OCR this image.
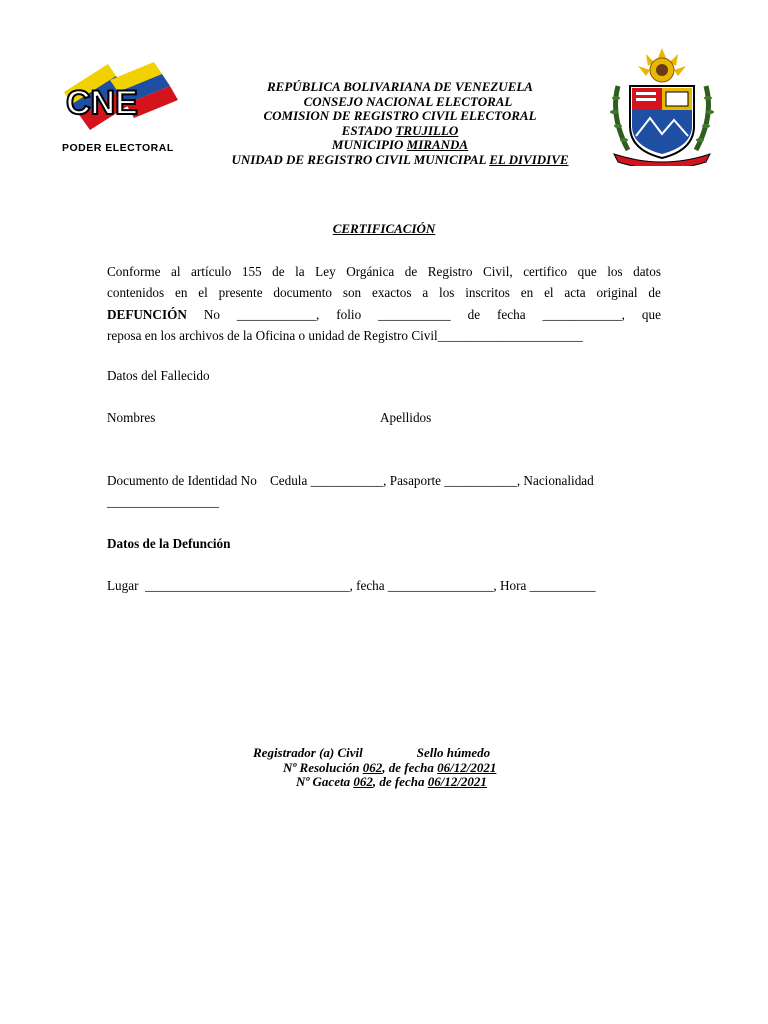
CNE
PODER ELECTORAL
REPÚBLICA BOLIVARIANA DE VENEZUELA
CONSEJO NACIONAL ELECTORAL
COMISION DE REGISTRO CIVIL ELECTORAL
ESTADO TRUJILLO
MUNICIPIO MIRANDA
UNIDAD DE REGISTRO CIVIL MUNICIPAL EL DIVIDIVE
CERTIFICACIÓN
Conforme al artículo 155 de la Ley Orgánica de Registro Civil, certifico que los datos
contenidos en el presente documento son exactos a los inscritos en el acta original de
DEFUNCIÓN No ____________, folio ___________ de fecha ____________, que
reposa en los archivos de la Oficina o unidad de Registro Civil______________________
Datos del Fallecido
Nombres	Apellidos
Documento de Identidad No    Cedula ___________, Pasaporte ___________, Nacionalidad
_________________
Datos de la Defunción
Lugar  _______________________________, fecha ________________, Hora __________
Registrador (a) Civil	Sello húmedo
Nº Resolución 062, de fecha 06/12/2021
Nº Gaceta 062, de fecha 06/12/2021
